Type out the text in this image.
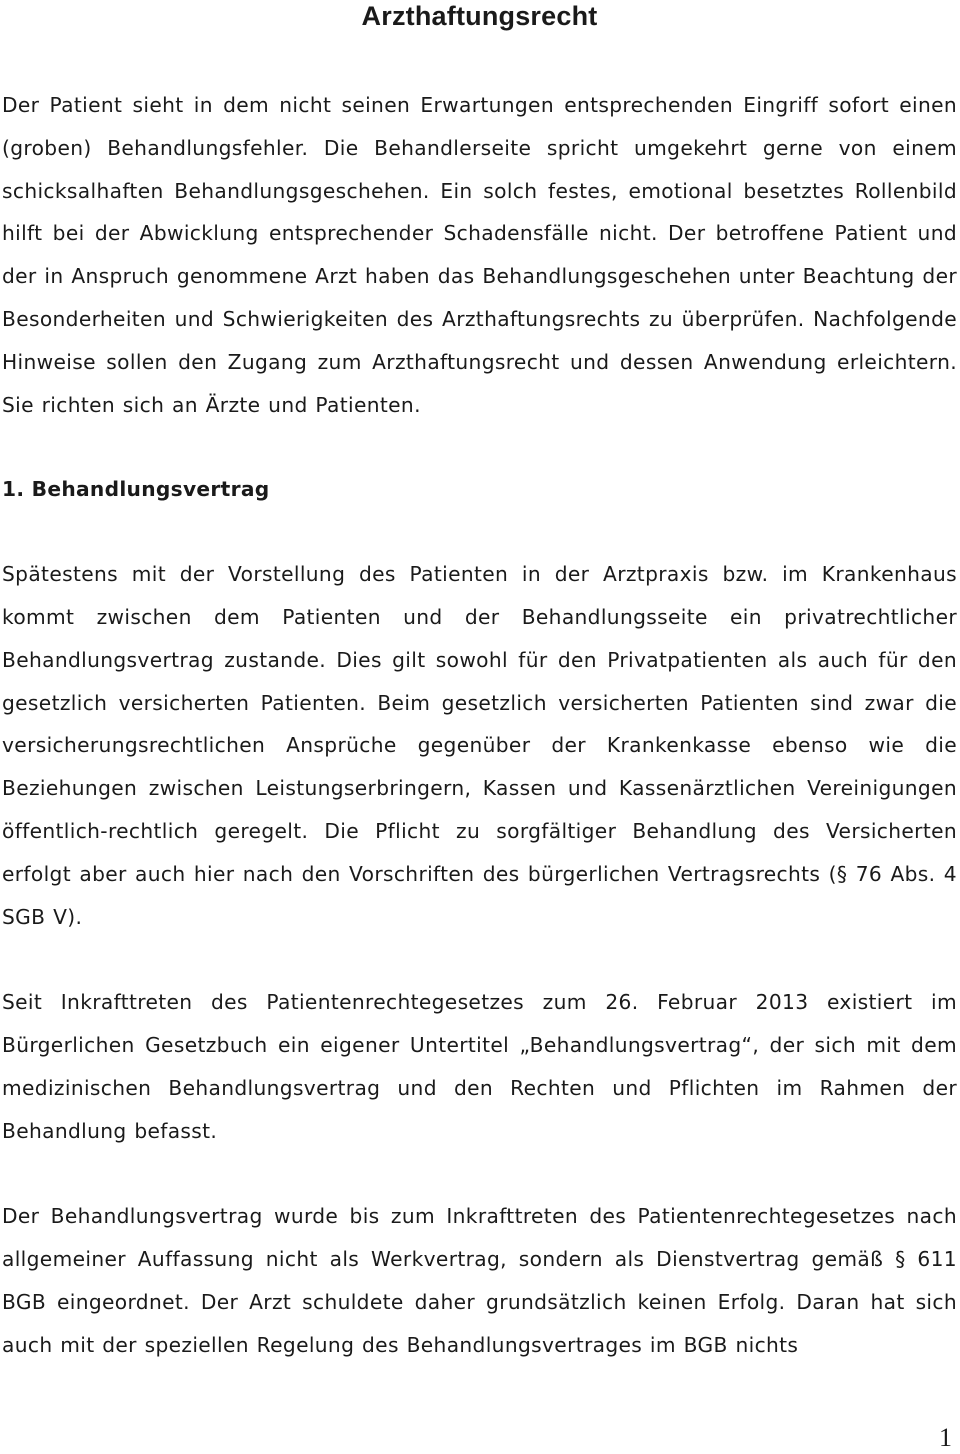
Arzthaftungsrecht

Der Patient sieht in dem nicht seinen Erwartungen entsprechenden Eingriff sofort einen (groben) Behandlungsfehler. Die Behandlerseite spricht umgekehrt gerne von einem schicksalhaften Behandlungsgeschehen. Ein solch festes, emotional besetztes Rollenbild hilft bei der Abwicklung entsprechender Schadensfälle nicht. Der betroffene Patient und der in Anspruch genommene Arzt haben das Behandlungsgeschehen unter Beachtung der Besonderheiten und Schwierigkeiten des Arzthaftungsrechts zu überprüfen. Nachfolgende Hinweise sollen den Zugang zum Arzthaftungsrecht und dessen Anwendung erleichtern. Sie richten sich an Ärzte und Patienten.

1. Behandlungsvertrag

Spätestens mit der Vorstellung des Patienten in der Arztpraxis bzw. im Krankenhaus kommt zwischen dem Patienten und der Behandlungsseite ein privatrechtlicher Behandlungsvertrag zustande. Dies gilt sowohl für den Privatpatienten als auch für den gesetzlich versicherten Patienten. Beim gesetzlich versicherten Patienten sind zwar die versicherungsrechtlichen Ansprüche gegenüber der Krankenkasse ebenso wie die Beziehungen zwischen Leistungserbringern, Kassen und Kassenärztlichen Vereinigungen öffentlich-rechtlich geregelt. Die Pflicht zu sorgfältiger Behandlung des Versicherten erfolgt aber auch hier nach den Vorschriften des bürgerlichen Vertragsrechts (§ 76 Abs. 4 SGB V).

Seit Inkrafttreten des Patientenrechtegesetzes zum 26. Februar 2013 existiert im Bürgerlichen Gesetzbuch ein eigener Untertitel „Behandlungsvertrag“, der sich mit dem medizinischen Behandlungsvertrag und den Rechten und Pflichten im Rahmen der Behandlung befasst.

Der Behandlungsvertrag wurde bis zum Inkrafttreten des Patientenrechtegesetzes nach allgemeiner Auffassung nicht als Werkvertrag, sondern als Dienstvertrag gemäß § 611 BGB eingeordnet. Der Arzt schuldete daher grundsätzlich keinen Erfolg. Daran hat sich auch mit der speziellen Regelung des Behandlungsvertrages im BGB nichts

1
